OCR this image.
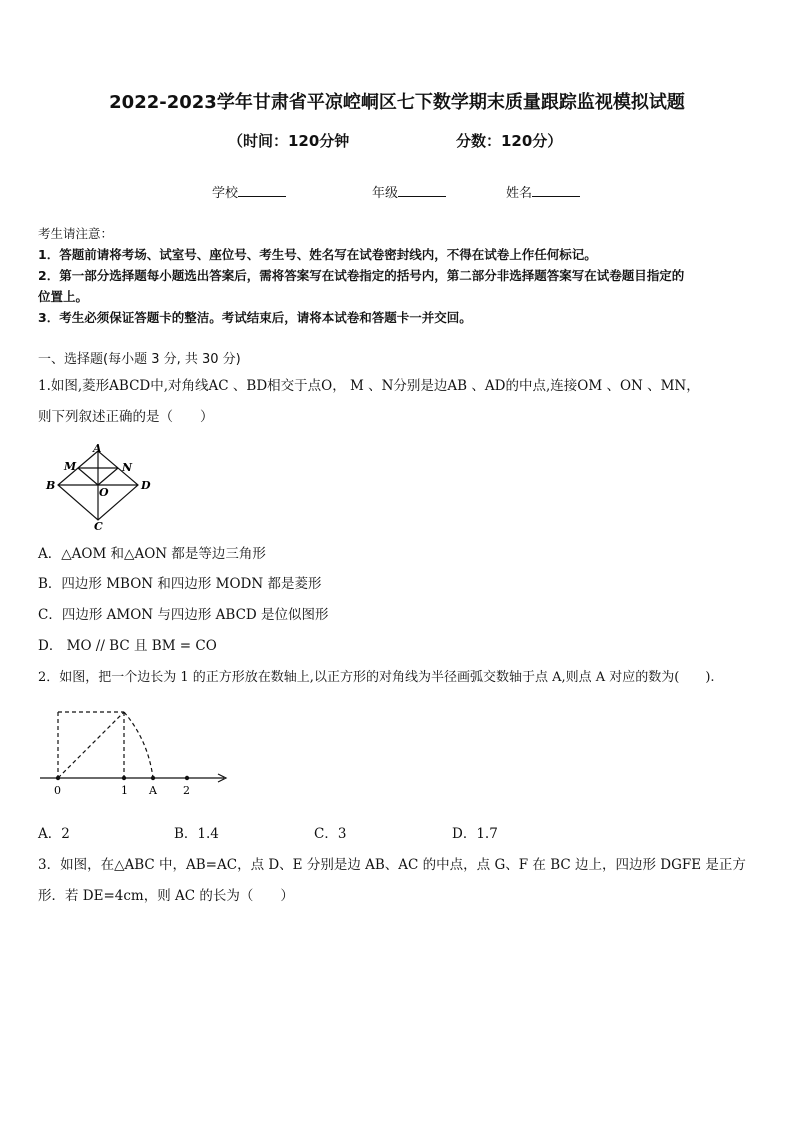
2022-2023学年甘肃省平凉崆峒区七下数学期末质量跟踪监视模拟试题
（时间：120分钟	分数：120分）
学校	年级	姓名
考生请注意：
1．答题前请将考场、试室号、座位号、考生号、姓名写在试卷密封线内，不得在试卷上作任何标记。
2．第一部分选择题每小题选出答案后，需将答案写在试卷指定的括号内，第二部分非选择题答案写在试卷题目指定的
位置上。
3．考生必须保证答题卡的整洁。考试结束后，请将本试卷和答题卡一并交回。
一、选择题(每小题 3 分, 共 30 分)
1.如图,菱形ABCD中,对角线AC 、BD相交于点O， M 、N分别是边AB 、AD的中点,连接OM 、ON 、MN，
则下列叙述正确的是（　　）
A
M	N
B
O
D
C
A．△AOM 和△AON 都是等边三角形
B．四边形 MBON 和四边形 MODN 都是菱形
C．四边形 AMON 与四边形 ABCD 是位似图形
D． MO // BC 且 BM = CO
2．如图，把一个边长为 1 的正方形放在数轴上,以正方形的对角线为半径画弧交数轴于点 A,则点 A 对应的数为(　　).
0	1 A 2
A．2	B．1.4	C．3	D．1.7
3．如图，在△ABC 中，AB=AC，点 D、E 分别是边 AB、AC 的中点，点 G、F 在 BC 边上，四边形 DGFE 是正方
形．若 DE=4cm，则 AC 的长为（　　）
